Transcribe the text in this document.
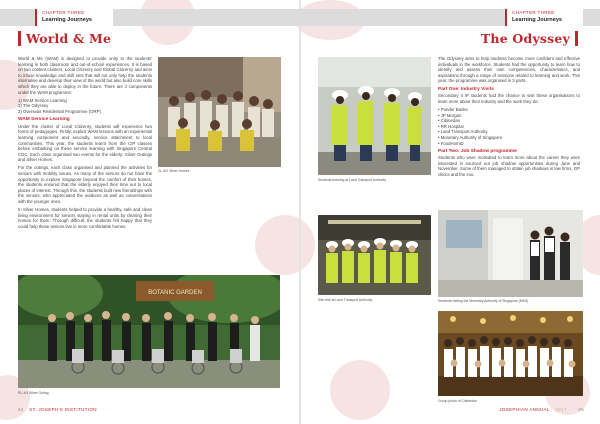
CHAPTER THREE
Learning Journeys
World & Me

World & Me (WAM) is designed to provide unity to the students' learning in both classroom and out-of-school experiences. It is based on two content clusters, Local Citizenry and Global Citizenry and aims to infuse knowledge and skill sets that will not only help the students internalise and develop their view of the world but also build core skills which they are able to deploy in the future. There are 3 components under the WAM programme:

1) WAM Service Learning
2) The Odyssey
3) Overseas Residential Programme (ORP)
WAM Service Learning

Under the cluster of Local Citizenry, students will experience two forms of pedagogies. Firstly, explicit WAM lessons with an experiential learning component and secondly, service attachment to local communities. This year, the students learnt from the CIP classes before embarking on these service learning with Singapore Central CDC. Each class organised two events for the elderly: Silver Outings and Silver Homes.

For the outings, each class organised and planned the activities for seniors with mobility issues. As many of the seniors do not have the opportunity to explore Singapore beyond the comfort of their homes, the students ensured that the elderly enjoyed their time out to local places of interest. Through this, the students built new friendships with the seniors, who appreciated the outdoors as well as conversations with the younger ones.

In Silver Homes, students helped to provide a healthy, safe and clean living environment for seniors staying in rental units by clearing their homes for them. Through difficult, the students felt happy that they could help these seniors live in more comfortable homes.

2L-GO Silver Homes
BOTANIC GARDEN
RL-4/4 Silver Outing
44 ST. JOSEPH'S INSTITUTION
CHAPTER THREE
Learning Journeys
The Odyssey
Students learning at Land Transport Authority

The Odyssey aims to help students become more confident and effective individuals in the workforce. Students had the opportunity to learn how to identify and assess their own competencies, characteristics, and aspirations through a range of sessions related to learning and work. This year, the programme was organised in 3 parts.

Part One: Industry Visits

Secondary 4 IP students had the chance to visit these organisations to learn more about their industry and the work they do:

• Ponder Banks
• JP Morgan
• Citimedan
• RR Hospital
• Land Transport Authority
• Monetary Authority of Singapore
• FoodHomiD
Part Two: Job Shadow programme

Students who were motivated to learn more about the career they were interested in sourced out job shadow opportunities during June and November. Some of them managed to obtain job shadows in law firms, GP clinics and the zoo.

Site visit at Land Transport Authority	Students visiting the Monetary Authority of Singapore (MAS)
Group photo of Citimedan
JOSEPHIAN ANNUAL 2017	45
